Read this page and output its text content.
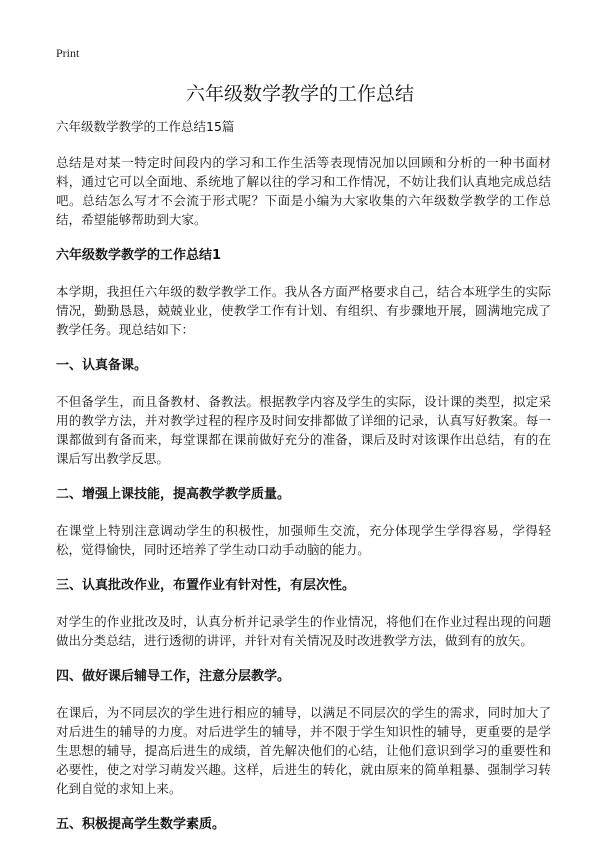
Print
六年级数学教学的工作总结

六年级数学教学的工作总结15篇

总结是对某一特定时间段内的学习和工作生活等表现情况加以回顾和分析的一种书面材料，通过它可以全面地、系统地了解以往的学习和工作情况，不妨让我们认真地完成总结吧。总结怎么写才不会流于形式呢？下面是小编为大家收集的六年级数学教学的工作总结，希望能够帮助到大家。

六年级数学教学的工作总结1

本学期，我担任六年级的数学教学工作。我从各方面严格要求自己，结合本班学生的实际情况，勤勤恳恳，兢兢业业，使教学工作有计划、有组织、有步骤地开展，圆满地完成了教学任务。现总结如下：

一、认真备课。

不但备学生，而且备教材、备教法。根据教学内容及学生的实际，设计课的类型，拟定采用的教学方法，并对教学过程的程序及时间安排都做了详细的记录，认真写好教案。每一课都做到有备而来，每堂课都在课前做好充分的准备，课后及时对该课作出总结，有的在课后写出教学反思。

二、增强上课技能，提高教学教学质量。

在课堂上特别注意调动学生的积极性，加强师生交流，充分体现学生学得容易，学得轻松，觉得愉快，同时还培养了学生动口动手动脑的能力。

三、认真批改作业，布置作业有针对性，有层次性。

对学生的作业批改及时，认真分析并记录学生的作业情况，将他们在作业过程出现的问题做出分类总结，进行透彻的讲评，并针对有关情况及时改进教学方法，做到有的放矢。

四、做好课后辅导工作，注意分层教学。

在课后，为不同层次的学生进行相应的辅导，以满足不同层次的学生的需求，同时加大了对后进生的辅导的力度。对后进学生的辅导，并不限于学生知识性的辅导，更重要的是学生思想的辅导，提高后进生的成绩，首先解决他们的心结，让他们意识到学习的重要性和必要性，使之对学习萌发兴趣。这样，后进生的转化，就由原来的简单粗暴、强制学习转化到自觉的求知上来。

五、积极提高学生数学素质。
